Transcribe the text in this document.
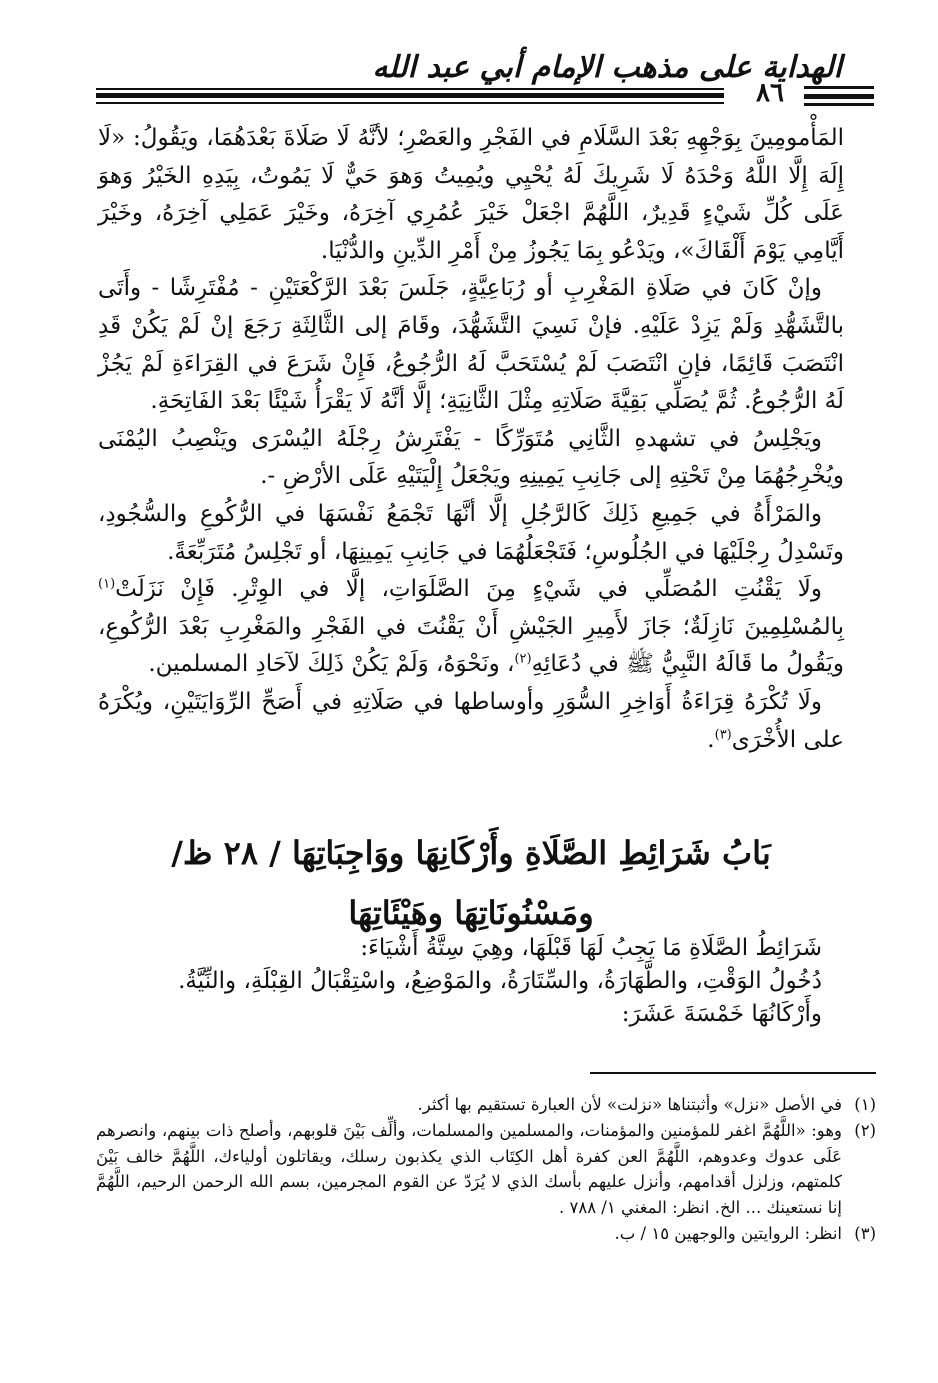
الهداية على مذهب الإمام أبي عبد الله
٨٦

المَأْمومِينَ بِوَجْهِهِ بَعْدَ السَّلَامِ في الفَجْرِ والعَصْرِ؛ لأنَّهُ لَا صَلَاةَ بَعْدَهُمَا، ويَقُولُ: «لَا إِلَهَ إِلَّا اللَّهُ وَحْدَهُ لَا شَرِيكَ لَهُ يُحْيِي ويُمِيتُ وَهوَ حَيٌّ لَا يَمُوتُ، بِيَدِهِ الخَيْرُ وَهوَ عَلَى كُلِّ شَيْءٍ قَدِيرٌ، اللَّهُمَّ اجْعَلْ خَيْرَ عُمُرِي آخِرَهُ، وخَيْرَ عَمَلِي آخِرَهُ، وخَيْرَ أَيَّامِي يَوْمَ أَلْقَاكَ»، ويَدْعُو بِمَا يَجُوزُ مِنْ أَمْرِ الدِّينِ والدُّنْيَا.

وإنْ كَانَ في صَلَاةِ المَغْرِبِ أو رُبَاعِيَّةٍ، جَلَسَ بَعْدَ الرَّكْعَتَيْنِ - مُفْتَرِشًا - وأَتَى بالتَّشَهُّدِ وَلَمْ يَزِدْ عَلَيْهِ. فإنْ نَسِيَ التَّشَهُّدَ، وقَامَ إلى الثَّالِثَةِ رَجَعَ إنْ لَمْ يَكُنْ قَدِ انْتَصَبَ قَائِمًا، فإنِ انْتَصَبَ لَمْ يُسْتَحَبَّ لَهُ الرُّجُوعُ، فَإِنْ شَرَعَ في القِرَاءَةِ لَمْ يَجُزْ لَهُ الرُّجُوعُ. ثُمَّ يُصَلِّي بَقِيَّةَ صَلَاتِهِ مِثْلَ الثَّانِيَةِ؛ إلَّا أنَّهُ لَا يَقْرَأُ شَيْئًا بَعْدَ الفَاتِحَةِ.

ويَجْلِسُ في تشهدهِ الثَّانِي مُتَوَرِّكًا - يَفْتَرِشُ رِجْلَهُ اليُسْرَى ويَنْصِبُ اليُمْنَى ويُخْرِجُهُمَا مِنْ تَحْتِهِ إلى جَانِبِ يَمِينِهِ ويَجْعَلُ إِلْيَتَيْهِ عَلَى الأرْضِ -.

والمَرْأَةُ في جَمِيعِ ذَلِكَ كَالرَّجُلِ إلَّا أنَّهَا تَجْمَعُ نَفْسَهَا في الرُّكُوعِ والسُّجُودِ، وتَسْدِلُ رِجْلَيْهَا في الجُلُوسِ؛ فَتَجْعَلُهُمَا في جَانِبِ يَمِينِهَا، أو تَجْلِسُ مُتَرَبِّعَةً.

ولَا يَقْنُتِ المُصَلِّي في شَيْءٍ مِنَ الصَّلَوَاتِ، إلَّا في الوِتْرِ. فَإِنْ نَزَلَتْ$^{(١)}$ بِالمُسْلِمِينَ نَازِلَةٌ؛ جَازَ لأَمِيرِ الجَيْشِ أَنْ يَقْنُتَ في الفَجْرِ والمَغْرِبِ بَعْدَ الرُّكُوعِ، ويَقُولُ ما قَالَهُ النَّبِيُّ ﷺ في دُعَائِهِ$^{(٢)}$، ونَحْوَهُ، وَلَمْ يَكُنْ ذَلِكَ لآحَادِ المسلمين.

ولَا تُكْرَهُ قِرَاءَةُ أَوَاخِرِ السُّوَرِ وأوساطها في صَلَاتِهِ في أَصَحِّ الرِّوَايَتَيْنِ، ويُكْرَهُ على الأُخْرَى$^{(٣)}$.

بَابُ شَرَائِطِ الصَّلَاةِ وأَرْكَانِهَا ووَاجِبَاتِهَا / ٢٨ ظ/
ومَسْنُونَاتِهَا وهَيْئَاتِهَا
شَرَائِطُ الصَّلَاةِ مَا يَجِبُ لَهَا قَبْلَهَا، وهِيَ سِتَّةُ أَشْيَاءَ:
دُخُولُ الوَقْتِ، والطَّهَارَةُ، والسِّتَارَةُ، والمَوْضِعُ، واسْتِقْبَالُ القِبْلَةِ، والنِّيَّةُ.
وأَرْكَانُهَا خَمْسَةَ عَشَرَ:

(١)
في الأصل «نزل» وأثبتناها «نزلت» لأن العبارة تستقيم بها أكثر.

(٢)
وهو: «اللَّهُمَّ اغفر للمؤمنين والمؤمنات، والمسلمين والمسلمات، وألِّف بَيْنَ قلوبهم، وأصلح ذات بينهم، وانصرهم عَلَى عدوك وعدوهم، اللَّهُمَّ العن كفرة أهل الكِتَاب الذي يكذبون رسلك، ويقاتلون أولياءك، اللَّهُمَّ خالف بَيْنَ كلمتهم، وزلزل أقدامهم، وأنزل عليهم بأسك الذي لا يُرَدّ عن القوم المجرمين، بسم الله الرحمن الرحيم، اللَّهُمَّ إنا نستعينك ... الخ. انظر: المغني ١/ ٧٨٨ .

(٣)
انظر: الروايتين والوجهين ١٥ / ب.
